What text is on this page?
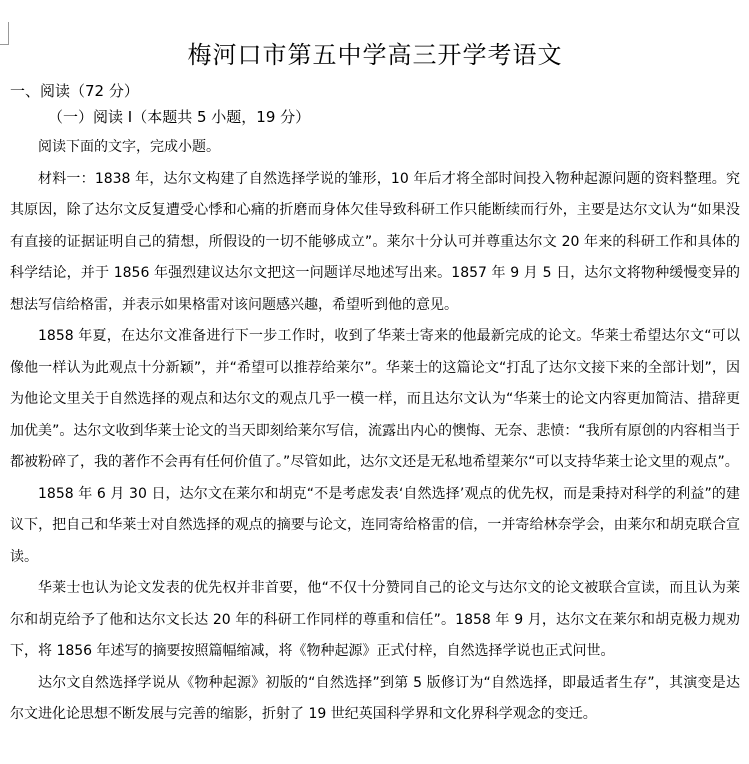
梅河口市第五中学高三开学考语文
一、阅读（72 分）
（一）阅读 I（本题共 5 小题，19 分）

阅读下面的文字，完成小题。

材料一：1838 年，达尔文构建了自然选择学说的雏形，10 年后才将全部时间投入物种起源问题的资料整理。究其原因，除了达尔文反复遭受心悸和心痛的折磨而身体欠佳导致科研工作只能断续而行外，主要是达尔文认为“如果没有直接的证据证明自己的猜想，所假设的一切不能够成立”。莱尔十分认可并尊重达尔文 20 年来的科研工作和具体的科学结论，并于 1856 年强烈建议达尔文把这一问题详尽地述写出来。1857 年 9 月 5 日，达尔文将物种缓慢变异的想法写信给格雷，并表示如果格雷对该问题感兴趣，希望听到他的意见。

1858 年夏，在达尔文准备进行下一步工作时，收到了华莱士寄来的他最新完成的论文。华莱士希望达尔文“可以像他一样认为此观点十分新颖”，并“希望可以推荐给莱尔”。华莱士的这篇论文“打乱了达尔文接下来的全部计划”，因为他论文里关于自然选择的观点和达尔文的观点几乎一模一样，而且达尔文认为“华莱士的论文内容更加简洁、措辞更加优美”。达尔文收到华莱士论文的当天即刻给莱尔写信，流露出内心的懊悔、无奈、悲愤：“我所有原创的内容相当于都被粉碎了，我的著作不会再有任何价值了。”尽管如此，达尔文还是无私地希望莱尔“可以支持华莱士论文里的观点”。

1858 年 6 月 30 日，达尔文在莱尔和胡克“不是考虑发表‘自然选择’观点的优先权，而是秉持对科学的利益”的建议下，把自己和华莱士对自然选择的观点的摘要与论文，连同寄给格雷的信，一并寄给林奈学会，由莱尔和胡克联合宣读。

华莱士也认为论文发表的优先权并非首要，他“不仅十分赞同自己的论文与达尔文的论文被联合宣读，而且认为莱尔和胡克给予了他和达尔文长达 20 年的科研工作同样的尊重和信任”。1858 年 9 月，达尔文在莱尔和胡克极力规劝下，将 1856 年述写的摘要按照篇幅缩减，将《物种起源》正式付梓，自然选择学说也正式问世。

达尔文自然选择学说从《物种起源》初版的“自然选择”到第 5 版修订为“自然选择，即最适者生存”，其演变是达尔文进化论思想不断发展与完善的缩影，折射了 19 世纪英国科学界和文化界科学观念的变迁。
